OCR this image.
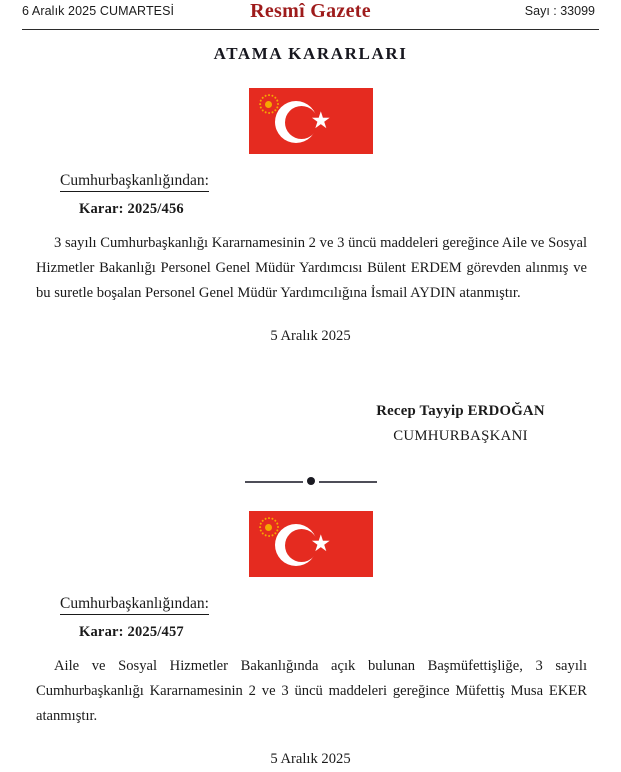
6 Aralık 2025 CUMARTESİ	Resmî Gazete	Sayı : 33099
ATAMA KARARLARI
Cumhurbaşkanlığından:
Karar: 2025/456
3 sayılı Cumhurbaşkanlığı Kararnamesinin 2 ve 3 üncü maddeleri gereğince Aile ve Sosyal Hizmetler Bakanlığı Personel Genel Müdür Yardımcısı Bülent ERDEM görevden alınmış ve bu suretle boşalan Personel Genel Müdür Yardımcılığına İsmail AYDIN atanmıştır.
5 Aralık 2025
Recep Tayyip ERDOĞAN
CUMHURBAŞKANI
Cumhurbaşkanlığından:
Karar: 2025/457
Aile ve Sosyal Hizmetler Bakanlığında açık bulunan Başmüfettişliğe, 3 sayılı Cumhurbaşkanlığı Kararnamesinin 2 ve 3 üncü maddeleri gereğince Müfettiş Musa EKER atanmıştır.
5 Aralık 2025
